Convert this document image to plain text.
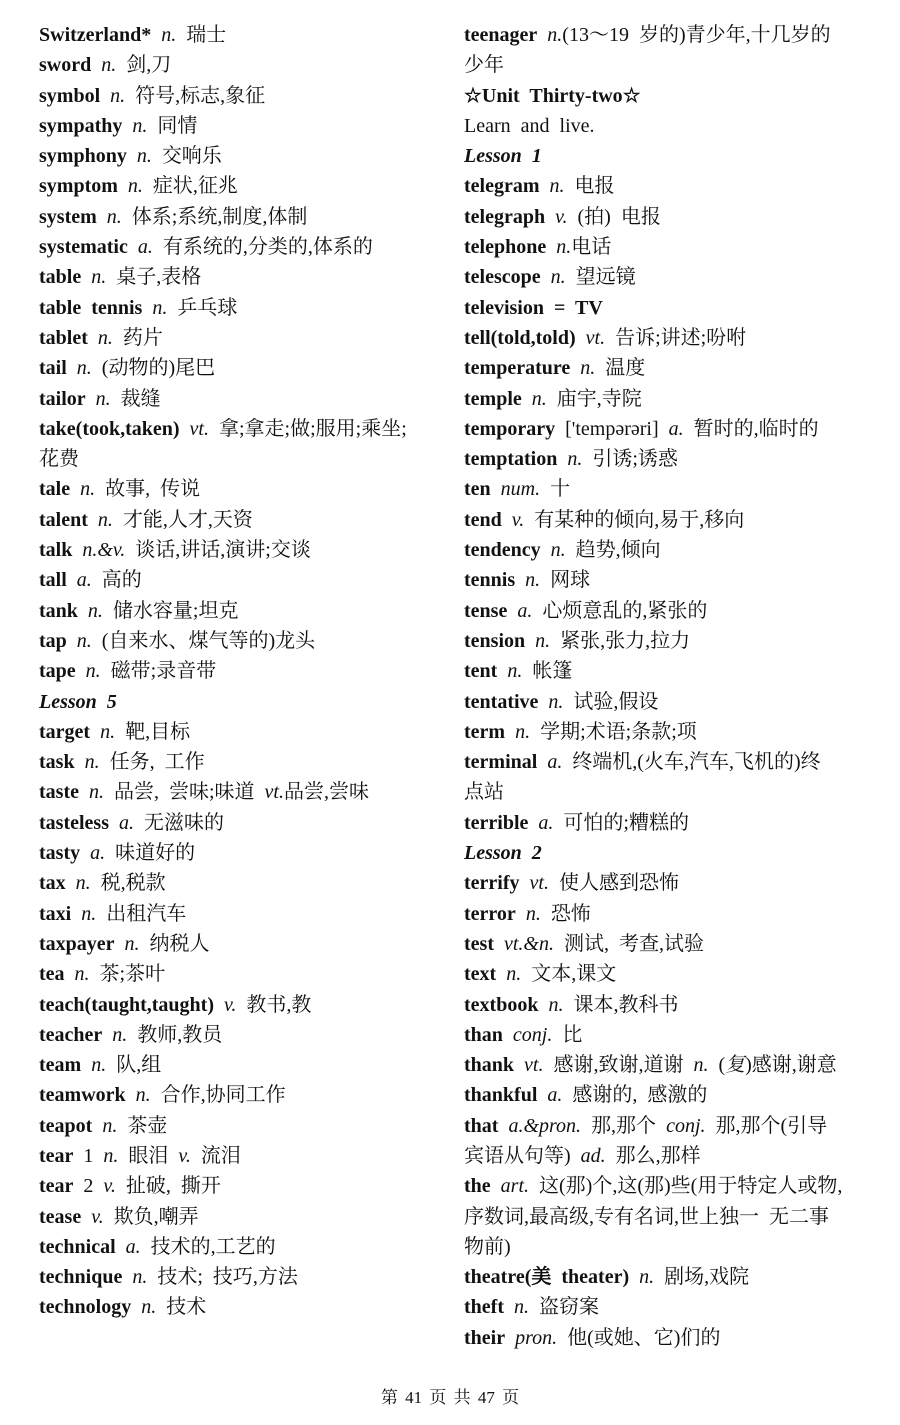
Switzerland* n. 瑞士
sword n. 剑,刀
symbol n. 符号,标志,象征
sympathy n. 同情
symphony n. 交响乐
symptom n. 症状,征兆
system n. 体系;系统,制度,体制
systematic a. 有系统的,分类的,体系的
table n. 桌子,表格
table tennis n. 乒乓球
tablet n. 药片
tail n. (动物的)尾巴
tailor n. 裁缝
take(took,taken) vt. 拿;拿走;做;服用;乘坐;
花费
tale n. 故事, 传说
talent n. 才能,人才,天资
talk n.&v. 谈话,讲话,演讲;交谈
tall a. 高的
tank n. 储水容量;坦克
tap n. (自来水、煤气等的)龙头
tape n. 磁带;录音带
Lesson 5
target n. 靶,目标
task n. 任务, 工作
taste n. 品尝, 尝味;味道 vt.品尝,尝味
tasteless a. 无滋味的
tasty a. 味道好的
tax n. 税,税款
taxi n. 出租汽车
taxpayer n. 纳税人
tea n. 茶;茶叶
teach(taught,taught) v. 教书,教
teacher n. 教师,教员
team n. 队,组
teamwork n. 合作,协同工作
teapot n. 茶壶
tear 1 n. 眼泪 v. 流泪
tear 2 v. 扯破, 撕开
tease v. 欺负,嘲弄
technical a. 技术的,工艺的
technique n. 技术; 技巧,方法
technology n. 技术
teenager n.(13～19 岁的)青少年,十几岁的
少年
☆Unit Thirty-two☆
Learn and live.
Lesson 1
telegram n. 电报
telegraph v. (拍) 电报
telephone n.电话
telescope n. 望远镜
television = TV
tell(told,told) vt. 告诉;讲述;吩咐
temperature n. 温度
temple n. 庙宇,寺院
temporary ['tempərəri] a. 暂时的,临时的
temptation n. 引诱;诱惑
ten num. 十
tend v. 有某种的倾向,易于,移向
tendency n. 趋势,倾向
tennis n. 网球
tense a. 心烦意乱的,紧张的
tension n. 紧张,张力,拉力
tent n. 帐篷
tentative n. 试验,假设
term n. 学期;术语;条款;项
terminal a. 终端机,(火车,汽车,飞机的)终
点站
terrible a. 可怕的;糟糕的
Lesson 2
terrify vt. 使人感到恐怖
terror n. 恐怖
test vt.&n. 测试, 考查,试验
text n. 文本,课文
textbook n. 课本,教科书
than conj. 比
thank vt. 感谢,致谢,道谢 n. (复)感谢,谢意
thankful a. 感谢的, 感激的
that a.&pron. 那,那个 conj. 那,那个(引导
宾语从句等) ad. 那么,那样
the art. 这(那)个,这(那)些(用于特定人或物,
序数词,最高级,专有名词,世上独一 无二事
物前)
theatre(美 theater) n. 剧场,戏院
theft n. 盗窃案
their pron. 他(或她、它)们的
第 41 页 共 47 页
